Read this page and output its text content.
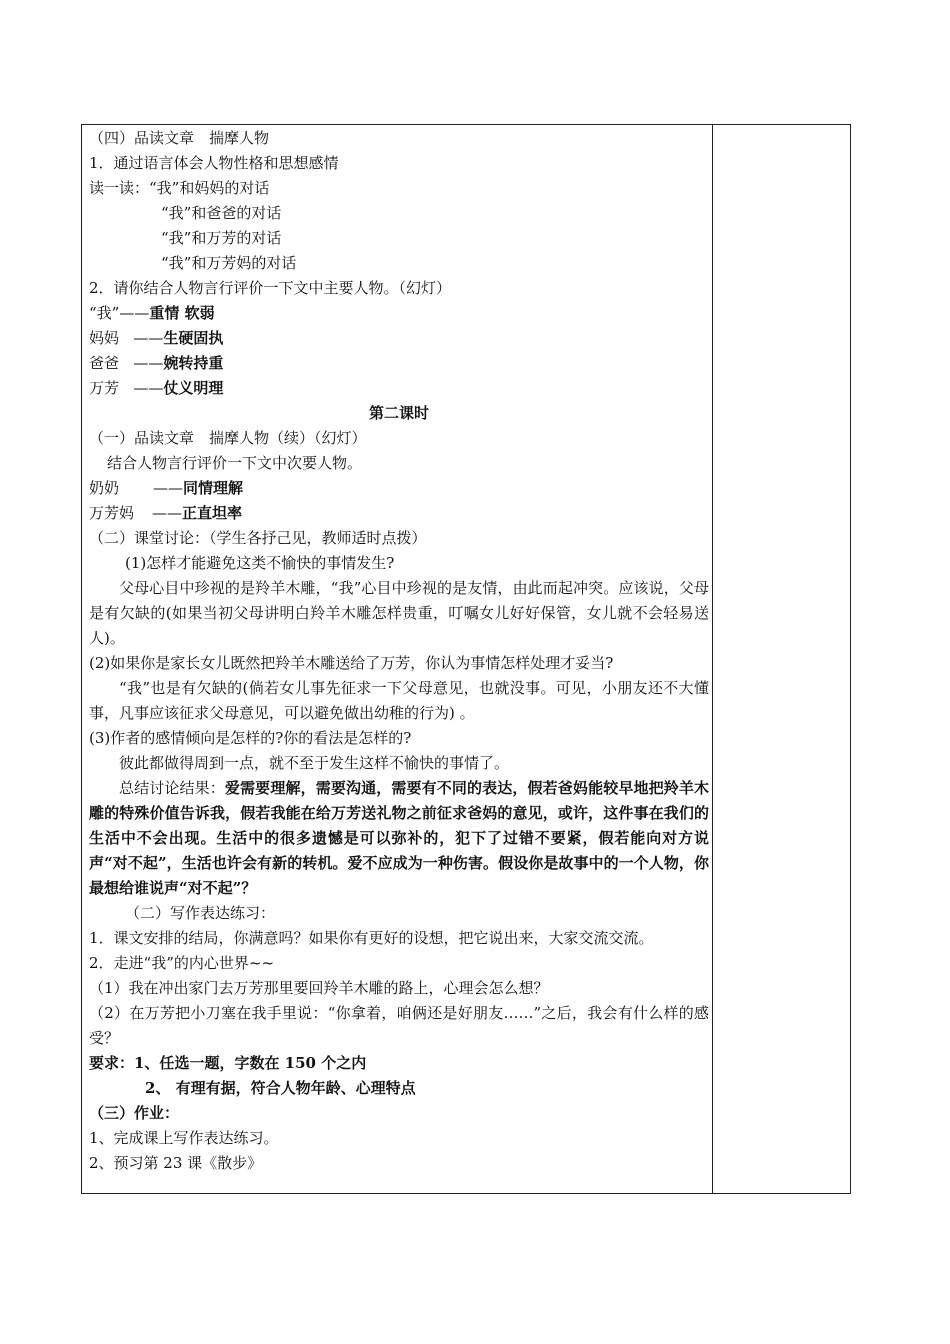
（四）品读文章　揣摩人物
1．通过语言体会人物性格和思想感情
读一读：“我”和妈妈的对话
“我”和爸爸的对话
“我”和万芳的对话
“我”和万芳妈的对话
2．请你结合人物言行评价一下文中主要人物。（幻灯）
“我”——重情 软弱
妈妈 ——生硬固执
爸爸 ——婉转持重
万芳 ——仗义明理
第二课时
（一）品读文章　揣摩人物（续）（幻灯）
结合人物言行评价一下文中次要人物。
奶奶 ——同情理解
万芳妈 ——正直坦率
（二）课堂讨论：（学生各抒己见，教师适时点拨）
(1)怎样才能避免这类不愉快的事情发生?
父母心目中珍视的是羚羊木雕，“我”心目中珍视的是友情，由此而起冲突。应该说，父母是有欠缺的(如果当初父母讲明白羚羊木雕怎样贵重，叮嘱女儿好好保管，女儿就不会轻易送人)。
(2)如果你是家长女儿既然把羚羊木雕送给了万芳，你认为事情怎样处理才妥当?
“我”也是有欠缺的(倘若女儿事先征求一下父母意见，也就没事。可见，小朋友还不大懂事，凡事应该征求父母意见，可以避免做出幼稚的行为) 。
(3)作者的感情倾向是怎样的?你的看法是怎样的?
彼此都做得周到一点，就不至于发生这样不愉快的事情了。
总结讨论结果：爱需要理解，需要沟通，需要有不同的表达，假若爸妈能较早地把羚羊木雕的特殊价值告诉我，假若我能在给万芳送礼物之前征求爸妈的意见，或许，这件事在我们的生活中不会出现。生活中的很多遗憾是可以弥补的，犯下了过错不要紧，假若能向对方说声“对不起”，生活也许会有新的转机。爱不应成为一种伤害。假设你是故事中的一个人物，你最想给谁说声“对不起”？
（二）写作表达练习：
1．课文安排的结局，你满意吗？如果你有更好的设想，把它说出来，大家交流交流。
2．走进“我”的内心世界~~
（1）我在冲出家门去万芳那里要回羚羊木雕的路上，心理会怎么想？
（2）在万芳把小刀塞在我手里说：“你拿着，咱俩还是好朋友……”之后，我会有什么样的感受？
要求：1、任选一题，字数在 150 个之内
2、 有理有据，符合人物年龄、心理特点
（三）作业：
1、完成课上写作表达练习。
2、预习第 23 课《散步》
